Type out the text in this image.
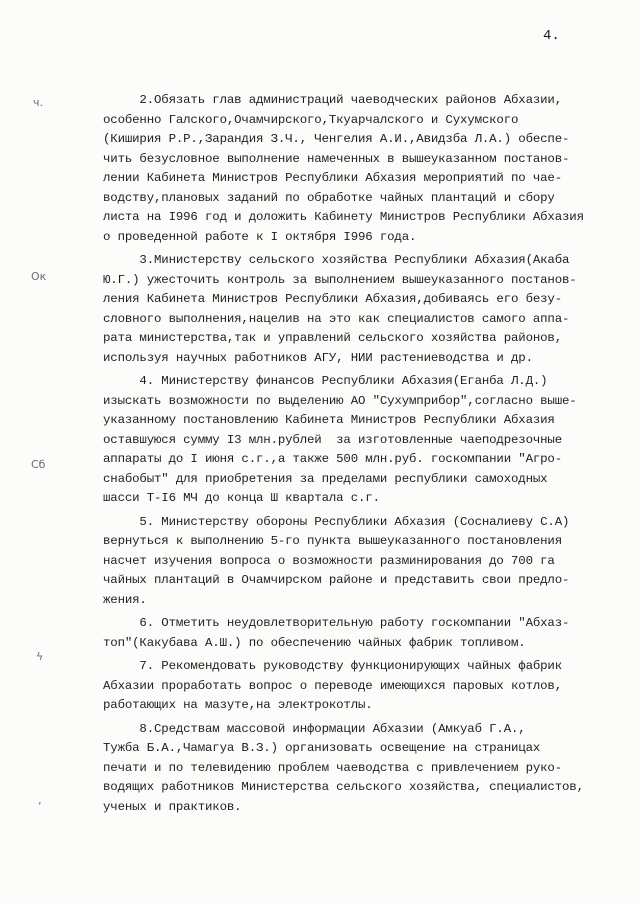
4.
ч.
Ок
Сб
ϟ
ʼ
2.Обязать глав администраций чаеводческих районов Абхазии,
особенно Галского,Очамчирского,Ткуарчалского и Сухумского
(Киширия Р.Р.,Зарандия З.Ч., Ченгелия А.И.,Авидзба Л.А.) обеспе-
чить безусловное выполнение намеченных в вышеуказанном постанов-
лении Кабинета Министров Республики Абхазия мероприятий по чае-
водству,плановых заданий по обработке чайных плантаций и сбору
листа на I996 год и доложить Кабинету Министров Республики Абхазия
о проведенной работе к I октября I996 года.
3.Министерству сельского хозяйства Республики Абхазия(Акаба
Ю.Г.) ужесточить контроль за выполнением вышеуказанного постанов-
ления Кабинета Министров Республики Абхазия,добиваясь его безу-
словного выполнения,нацелив на это как специалистов самого аппа-
рата министерства,так и управлений сельского хозяйства районов,
используя научных работников АГУ, НИИ растениеводства и др.
4. Министерству финансов Республики Абхазия(Еганба Л.Д.)
изыскать возможности по выделению АО "Сухумприбор",согласно выше-
указанному постановлению Кабинета Министров Республики Абхазия
оставшуюся сумму I3 млн.рублей  за изготовленные чаеподрезочные
аппараты до I июня с.г.,а также 500 млн.руб. госкомпании "Агро-
снабобыт" для приобретения за пределами республики самоходных
шасси Т-I6 МЧ до конца Ш квартала с.г.
5. Министерству обороны Республики Абхазия (Сосналиеву С.А)
вернуться к выполнению 5-го пункта вышеуказанного постановления
насчет изучения вопроса о возможности разминирования до 700 га
чайных плантаций в Очамчирском районе и представить свои предло-
жения.
6. Отметить неудовлетворительную работу госкомпании "Абхаз-
топ"(Какубава А.Ш.) по обеспечению чайных фабрик топливом.
7. Рекомендовать руководству функционирующих чайных фабрик
Абхазии проработать вопрос о переводе имеющихся паровых котлов,
работающих на мазуте,на электрокотлы.
8.Средствам массовой информации Абхазии (Амкуаб Г.А.,
Тужба Б.А.,Чамагуа В.З.) организовать освещение на страницах
печати и по телевидению проблем чаеводства с привлечением руко-
водящих работников Министерства сельского хозяйства, специалистов,
ученых и практиков.
